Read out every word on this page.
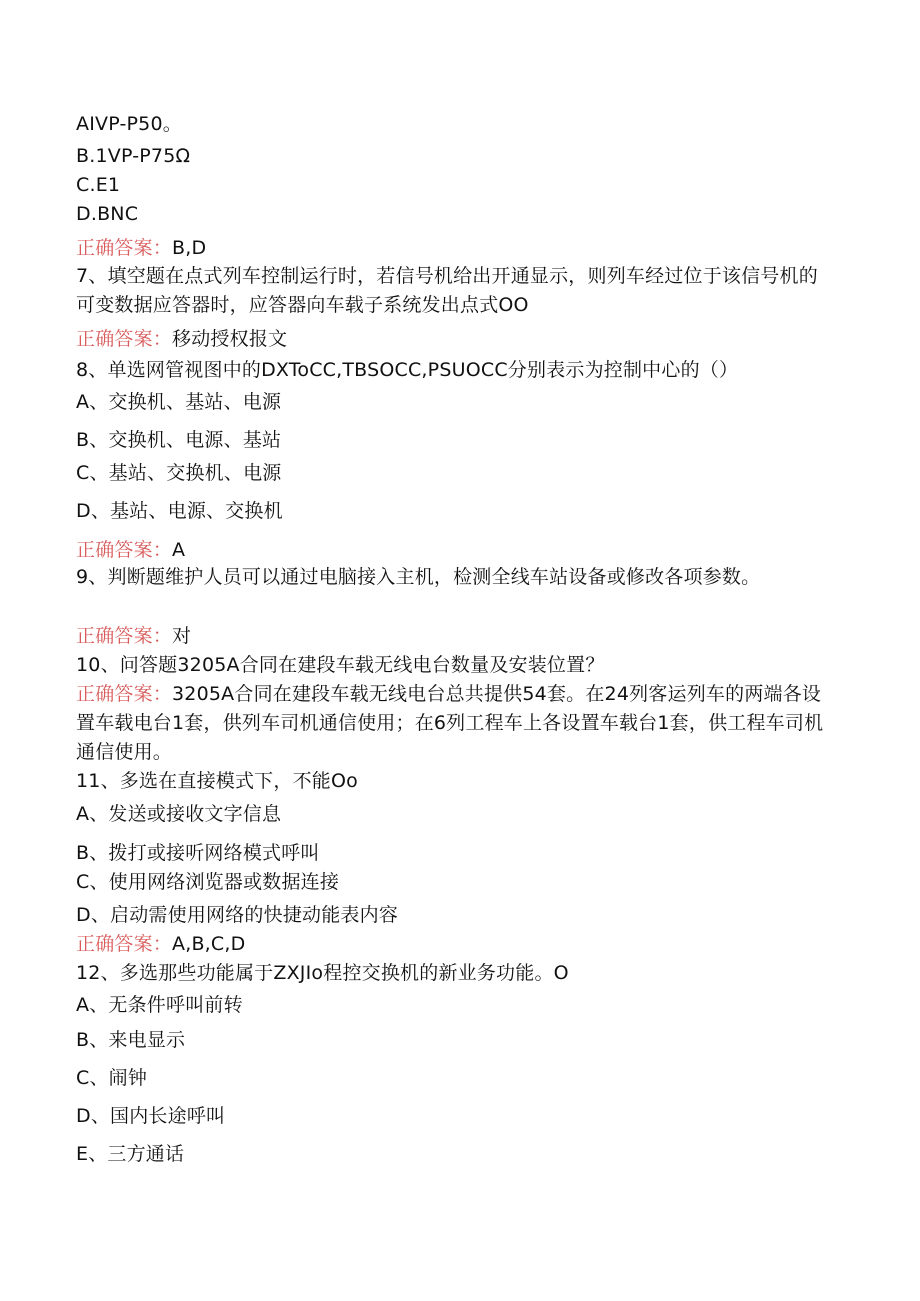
AIVP-P50。
B.1VP-P75Ω
C.E1
D.BNC
正确答案：B,D
7、填空题在点式列车控制运行时，若信号机给出开通显示，则列车经过位于该信号机的可变数据应答器时，应答器向车载子系统发出点式OO
正确答案：移动授权报文
8、单选网管视图中的DXToCC,TBSOCC,PSUOCC分别表示为控制中心的（）
A、交换机、基站、电源
B、交换机、电源、基站
C、基站、交换机、电源
D、基站、电源、交换机
正确答案：A
9、判断题维护人员可以通过电脑接入主机，检测全线车站设备或修改各项参数。
正确答案：对
10、问答题3205A合同在建段车载无线电台数量及安装位置？
正确答案：3205A合同在建段车载无线电台总共提供54套。在24列客运列车的两端各设置车载电台1套，供列车司机通信使用；在6列工程车上各设置车载台1套，供工程车司机通信使用。
11、多选在直接模式下，不能Oo
A、发送或接收文字信息
B、拨打或接听网络模式呼叫
C、使用网络浏览器或数据连接
D、启动需使用网络的快捷动能表内容
正确答案：A,B,C,D
12、多选那些功能属于ZXJIo程控交换机的新业务功能。O
A、无条件呼叫前转
B、来电显示
C、闹钟
D、国内长途呼叫
E、三方通话
